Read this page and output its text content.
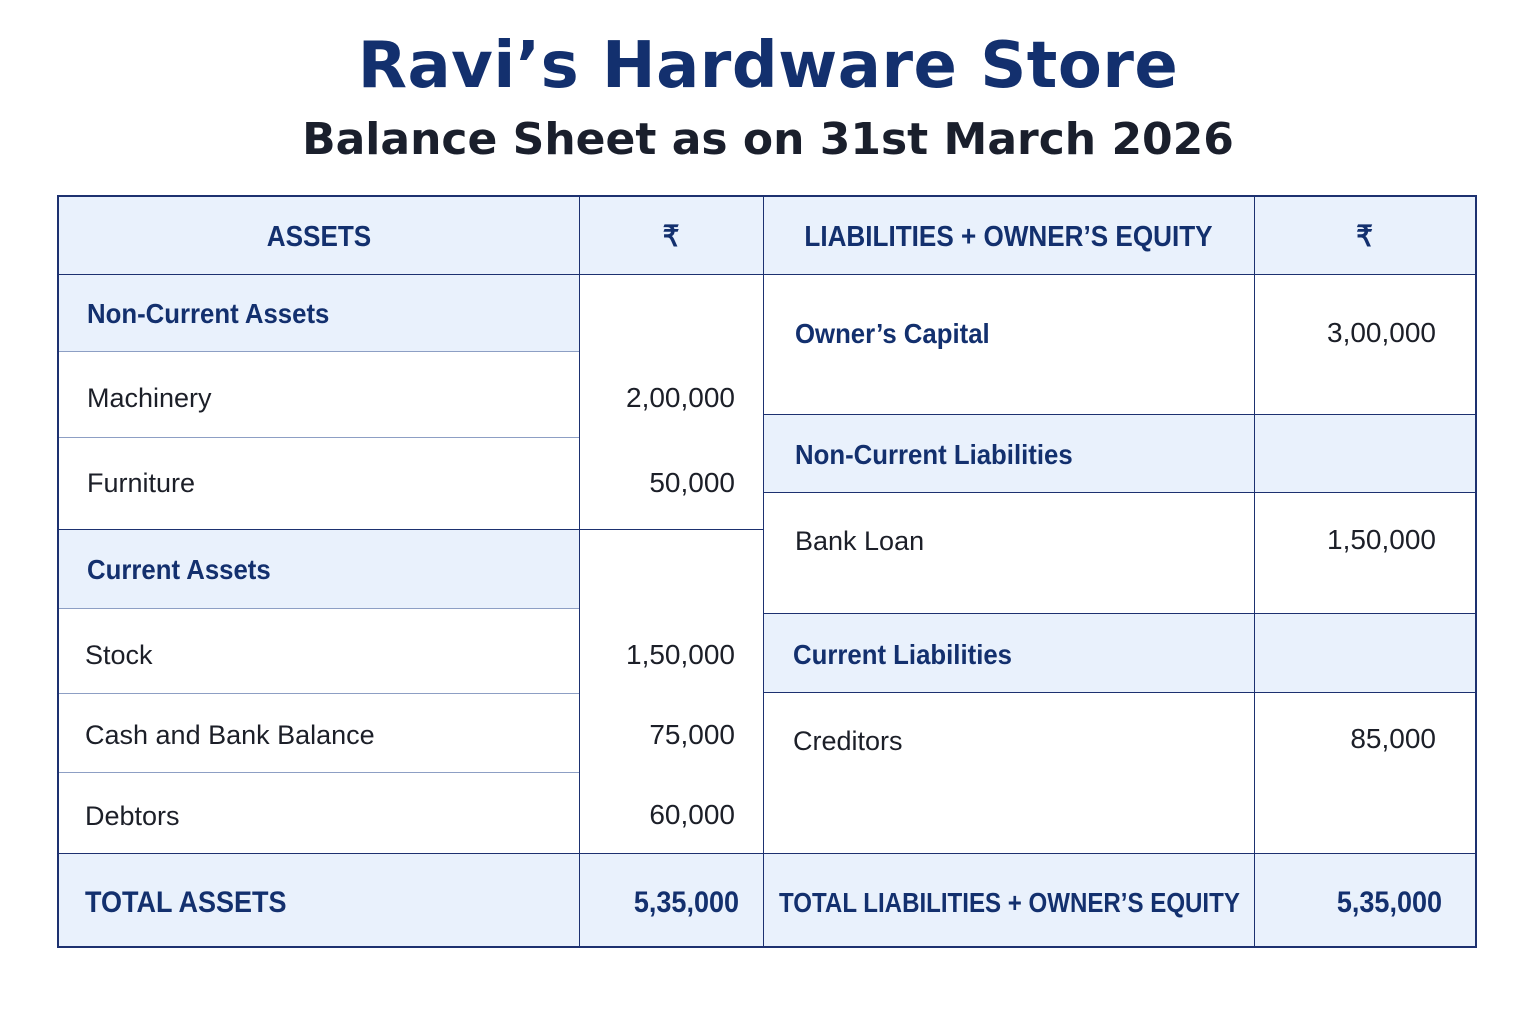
Ravi’s Hardware Store
Balance Sheet as on 31st March 2026
ASSETS	₹	LIABILITIES + OWNER’S EQUITY	₹
Non-Current Assets
Machinery	2,00,000
Furniture	50,000
Current Assets
Stock	1,50,000
Cash and Bank Balance	75,000
Debtors	60,000
Owner’s Capital	3,00,000
Non-Current Liabilities
Bank Loan	1,50,000
Current Liabilities
Creditors	85,000
TOTAL ASSETS	5,35,000 TOTAL LIABILITIES + OWNER’S EQUITY	5,35,000
